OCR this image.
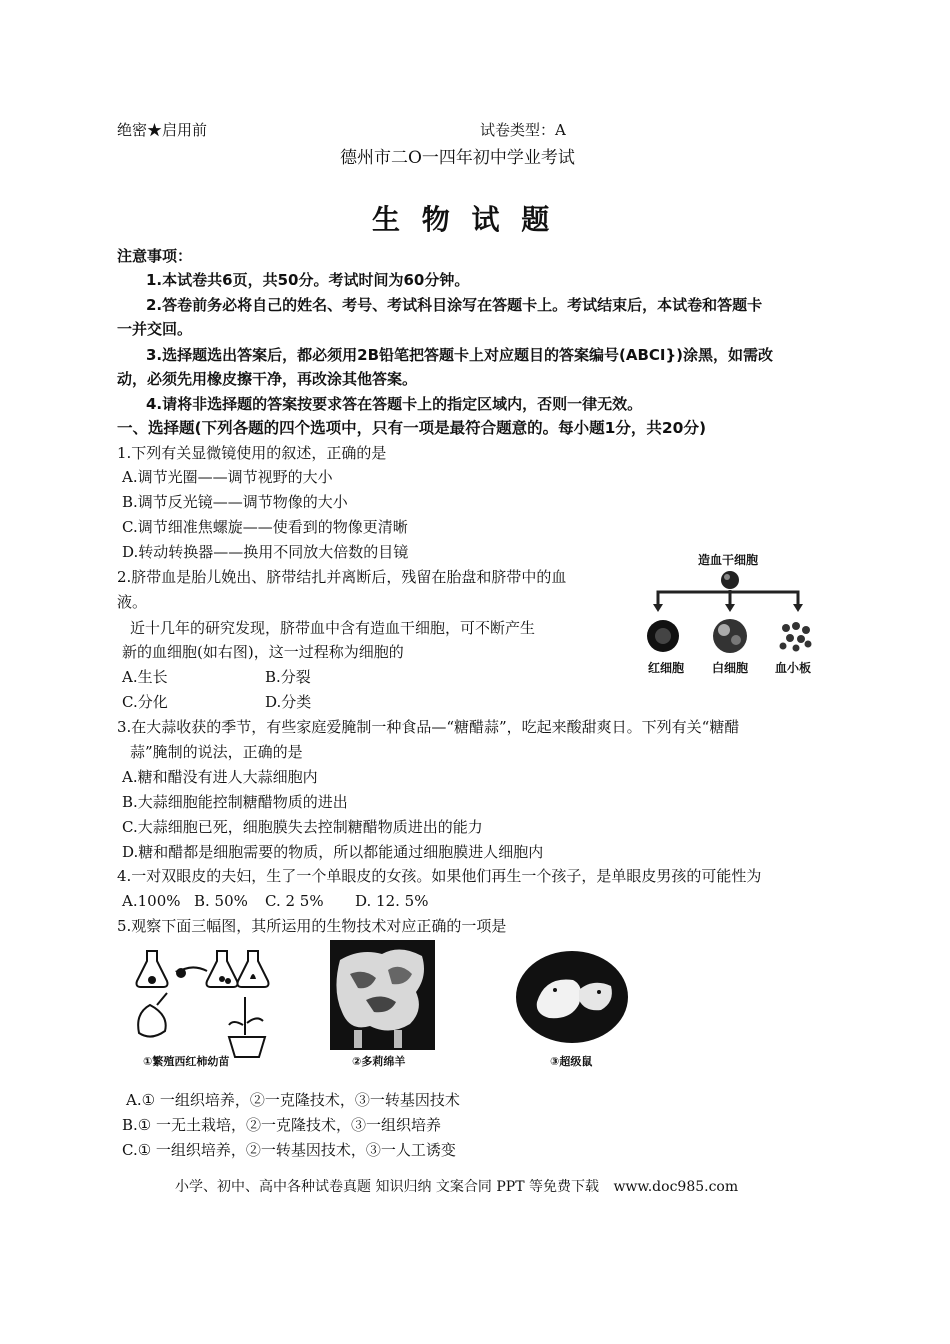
绝密★启用前	试卷类型：A
德州市二O一四年初中学业考试
生 物 试 题
注意事项：
1.本试卷共6页，共50分。考试时间为60分钟。
2.答卷前务必将自己的姓名、考号、考试科目涂写在答题卡上。考试结束后，本试卷和答题卡
一并交回。
3.选择题选出答案后，都必须用2B铅笔把答题卡上对应题目的答案编号(ABCI})涂黑，如需改
动，必须先用橡皮擦干净，再改涂其他答案。
4.请将非选择题的答案按要求答在答题卡上的指定区域内，否则一律无效。
一、选择题(下列各题的四个选项中，只有一项是最符合题意的。每小题1分，共20分)
1.下列有关显微镜使用的叙述，正确的是
A.调节光圈——调节视野的大小
B.调节反光镜——调节物像的大小
C.调节细准焦螺旋——使看到的物像更清晰
D.转动转换器——换用不同放大倍数的目镜
2.脐带血是胎儿娩出、脐带结扎并离断后，残留在胎盘和脐带中的血
液。
近十几年的研究发现，脐带血中含有造血干细胞，可不断产生
新的血细胞(如右图)，这一过程称为细胞的
A.生长	B.分裂
C.分化	D.分类
造血干细胞
红细胞 白细胞 血小板
3.在大蒜收获的季节，有些家庭爱腌制一种食品—“糖醋蒜”，吃起来酸甜爽日。下列有关“糖醋
蒜”腌制的说法，正确的是
A.糖和醋没有进人大蒜细胞内
B.大蒜细胞能控制糖醋物质的进出
C.大蒜细胞已死，细胞膜失去控制糖醋物质进出的能力
D.糖和醋都是细胞需要的物质，所以都能通过细胞膜进人细胞内
4.一对双眼皮的夫妇，生了一个单眼皮的女孩。如果他们再生一个孩子，是单眼皮男孩的可能性为
A.100% B. 50% C. 2 5% D. 12. 5%
5.观察下面三幅图，其所运用的生物技术对应正确的一项是
①繁殖西红柿幼苗	②多莉绵羊	③超级鼠
A.① 一组织培养，②一克隆技术，③一转基因技术
B.① 一无土栽培，②一克隆技术，③一组织培养
C.① 一组织培养，②一转基因技术，③一人工诱变
小学、初中、高中各种试卷真题 知识归纳 文案合同 PPT 等免费下载 www.doc985.com
